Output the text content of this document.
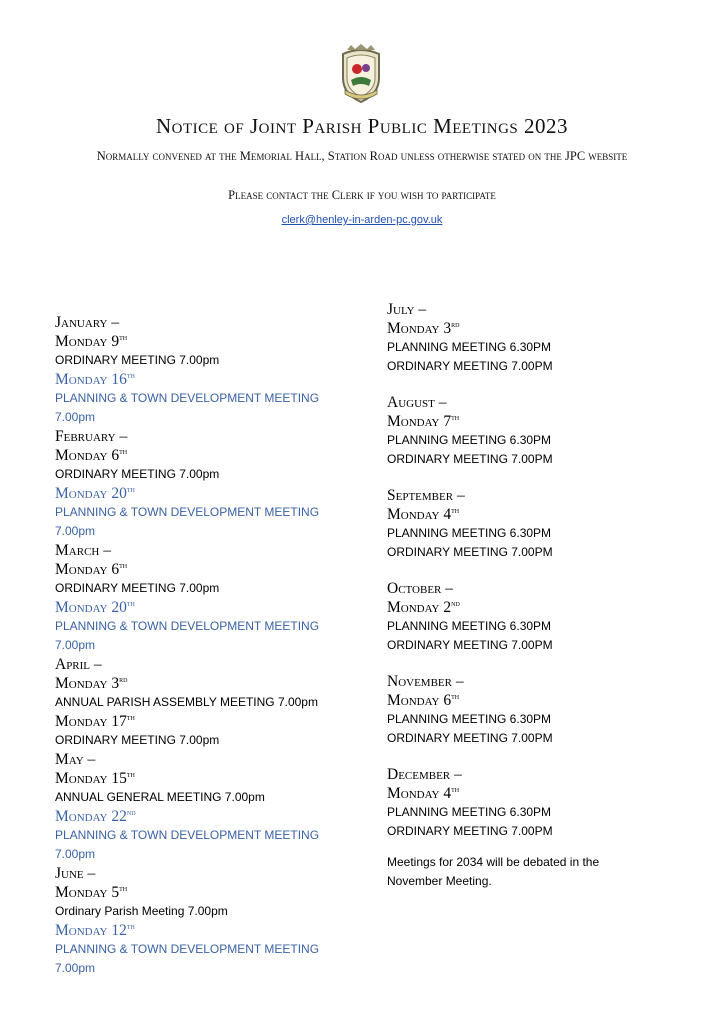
Notice of Joint Parish Public Meetings 2023
Normally convened at the Memorial Hall, Station Road unless otherwise stated on the JPC website
Please contact the Clerk if you wish to participate
clerk@henley-in-arden-pc.gov.uk
January –
Monday 9th
ORDINARY MEETING 7.00pm
Monday 16th
PLANNING & TOWN DEVELOPMENT MEETING 7.00pm
February –
Monday 6th
ORDINARY MEETING 7.00pm
Monday 20th
PLANNING & TOWN DEVELOPMENT MEETING 7.00pm
March –
Monday 6th
ORDINARY MEETING 7.00pm
Monday 20th
PLANNING & TOWN DEVELOPMENT MEETING 7.00pm
April –
Monday 3rd
ANNUAL PARISH ASSEMBLY MEETING 7.00pm
Monday 17th
ORDINARY MEETING 7.00pm
May –
Monday 15th
ANNUAL GENERAL MEETING 7.00pm
Monday 22nd
PLANNING & TOWN DEVELOPMENT MEETING 7.00pm
June –
Monday 5th
Ordinary Parish Meeting 7.00pm
Monday 12th
PLANNING & TOWN DEVELOPMENT MEETING 7.00pm
July –
Monday 3rd
PLANNING MEETING 6.30PM
ORDINARY MEETING 7.00PM
August –
Monday 7th
PLANNING MEETING 6.30PM
ORDINARY MEETING 7.00PM
September –
Monday 4th
PLANNING MEETING 6.30PM
ORDINARY MEETING 7.00PM
October –
Monday 2nd
PLANNING MEETING 6.30PM
ORDINARY MEETING 7.00PM
November –
Monday 6th
PLANNING MEETING 6.30PM
ORDINARY MEETING 7.00PM
December –
Monday 4th
PLANNING MEETING 6.30PM
ORDINARY MEETING 7.00PM
Meetings for 2034 will be debated in the November Meeting.
